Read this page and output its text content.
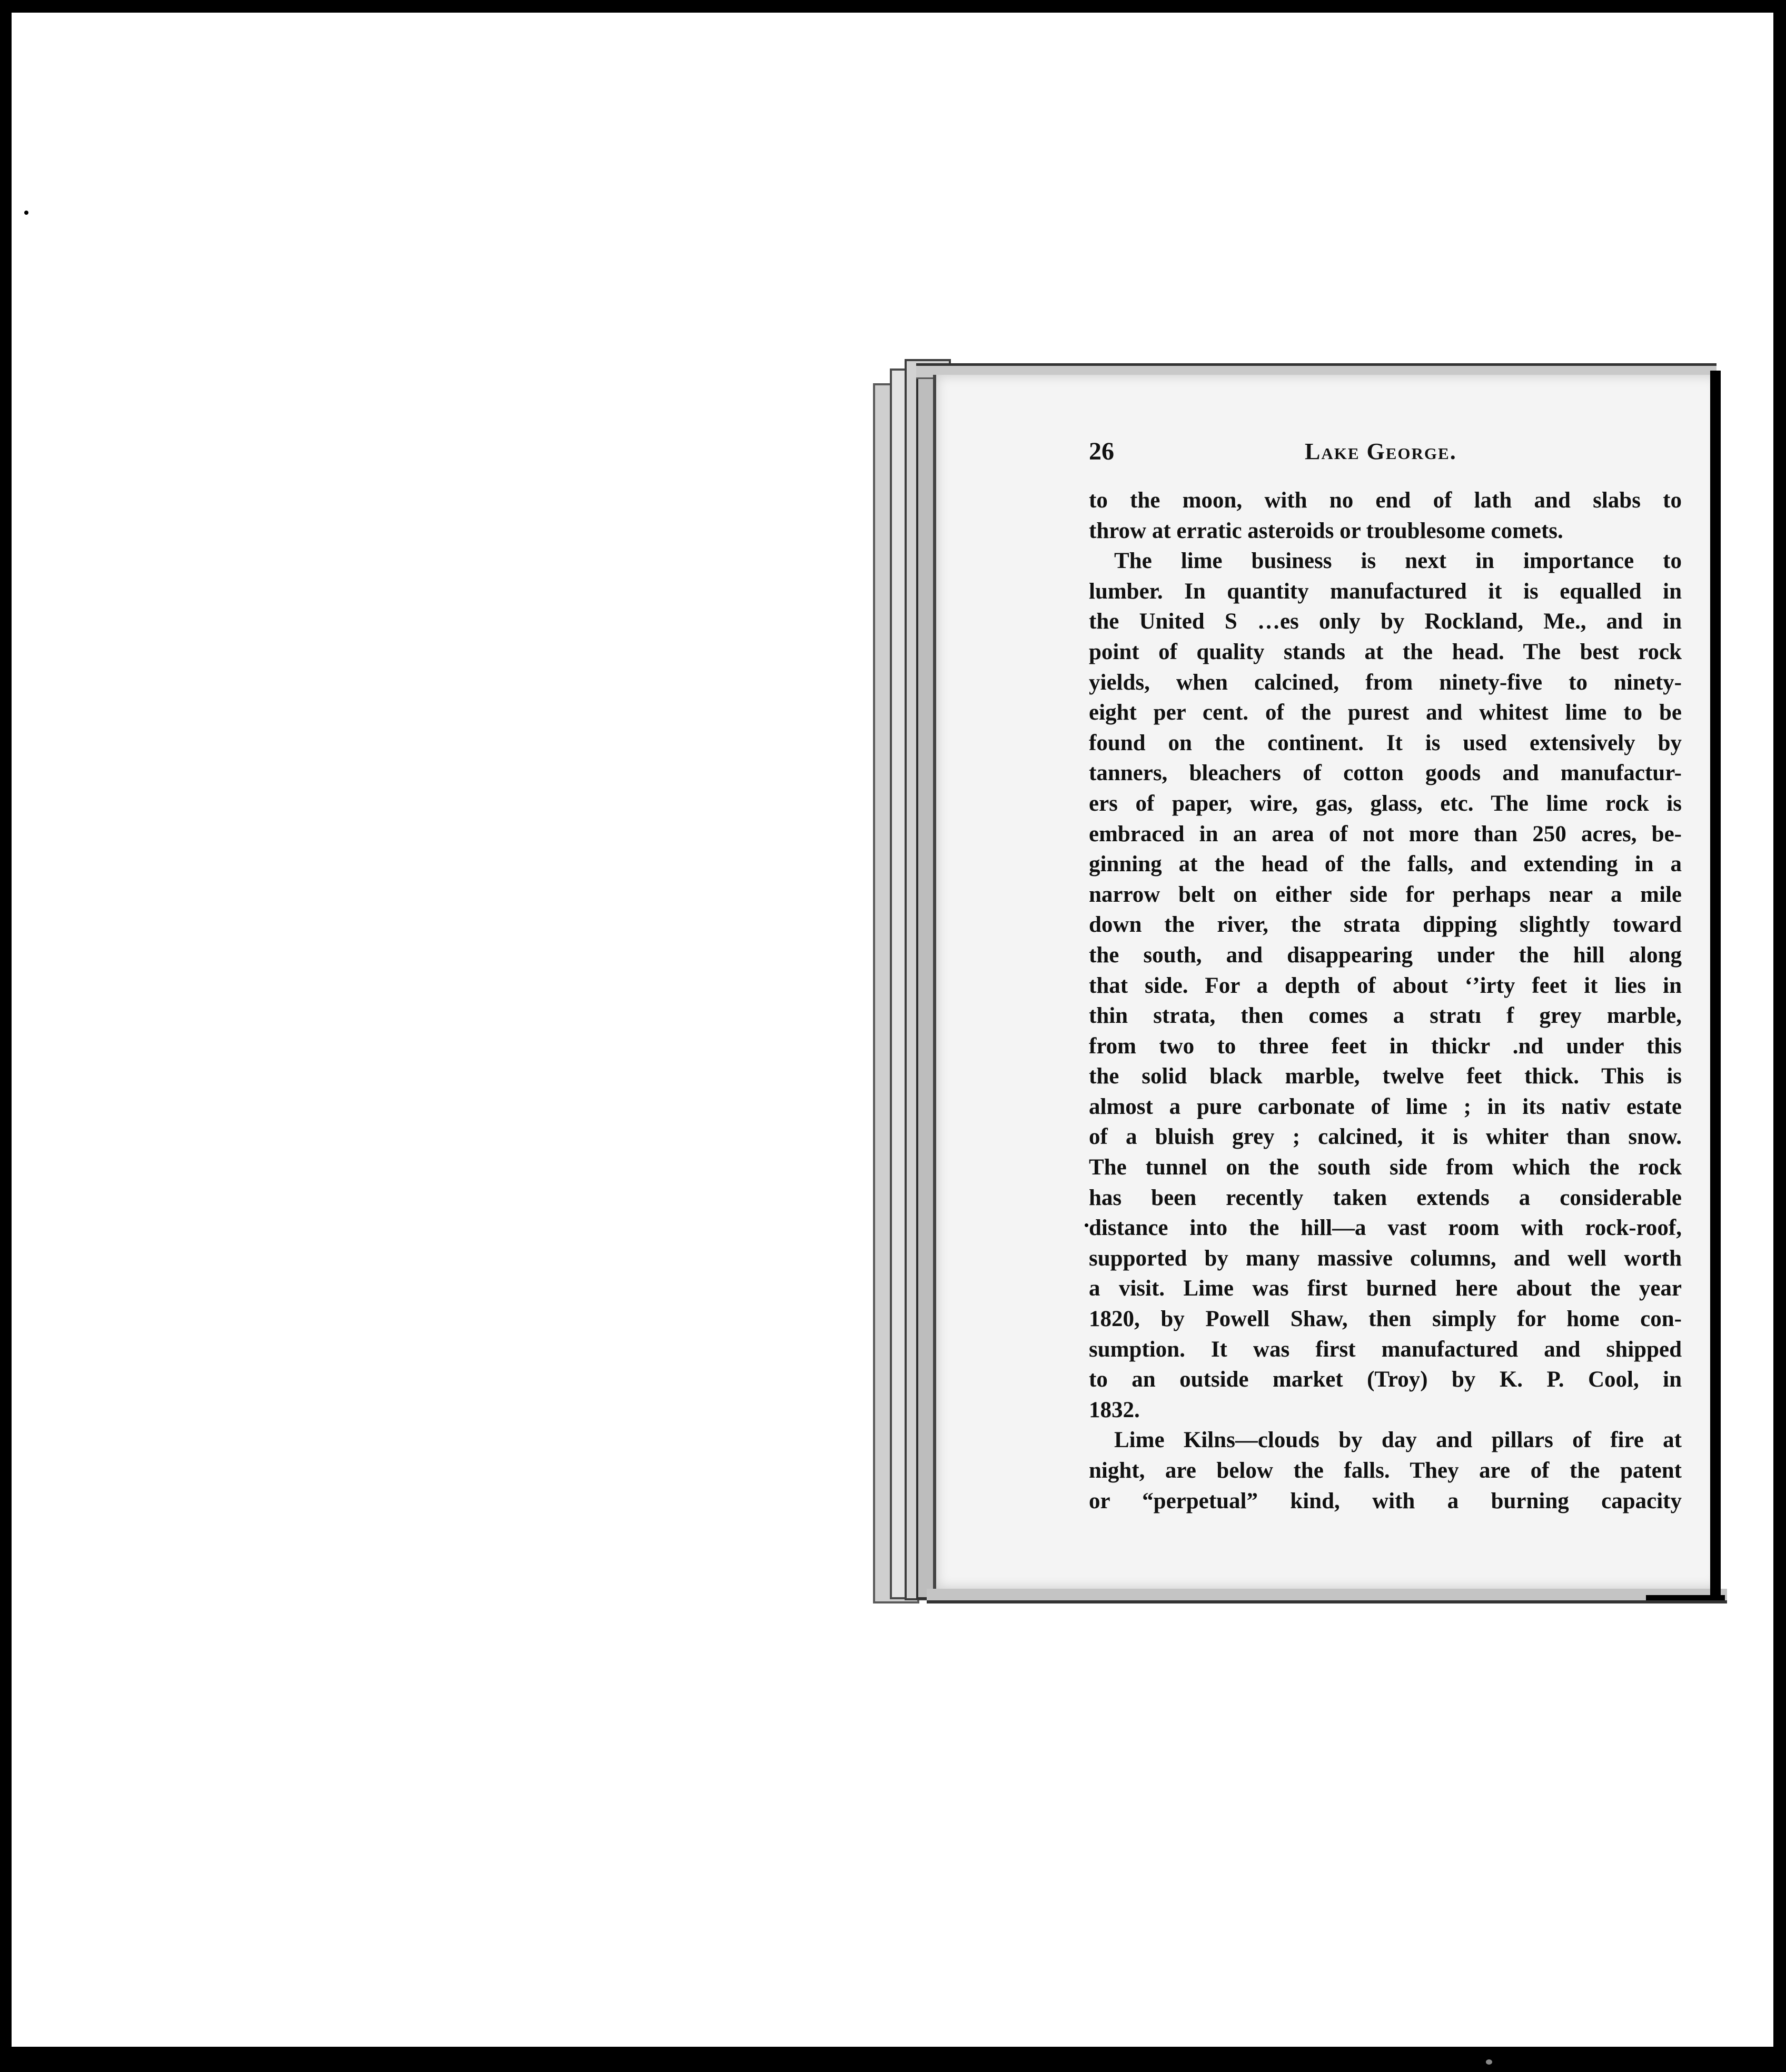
26	Lake George.
to the moon, with no end of lath and slabs to
throw at erratic asteroids or troublesome comets.
The lime business is next in importance to
lumber. In quantity manufactured it is equalled in
the United S …es only by Rockland, Me., and in
point of quality stands at the head. The best rock
yields, when calcined, from ninety-five to ninety-
eight per cent. of the purest and whitest lime to be
found on the continent. It is used extensively by
tanners, bleachers of cotton goods and manufactur-
ers of paper, wire, gas, glass, etc. The lime rock is
embraced in an area of not more than 250 acres, be-
ginning at the head of the falls, and extending in a
narrow belt on either side for perhaps near a mile
down the river, the strata dipping slightly toward
the south, and disappearing under the hill along
that side. For a depth of about ‘ʼirty feet it lies in
thin strata, then comes a stratı f grey marble,
from two to three feet in thickr .nd under this
the solid black marble, twelve feet thick. This is
almost a pure carbonate of lime ; in its nativ estate
of a bluish grey ; calcined, it is whiter than snow.
The tunnel on the south side from which the rock
has been recently taken extends a considerable
distance into the hill—a vast room with rock-roof,
supported by many massive columns, and well worth
a visit. Lime was first burned here about the year
1820, by Powell Shaw, then simply for home con-
sumption. It was first manufactured and shipped
to an outside market (Troy) by K. P. Cool, in
1832.
Lime Kilns—clouds by day and pillars of fire at
night, are below the falls. They are of the patent
or “perpetual” kind, with a burning capacity
